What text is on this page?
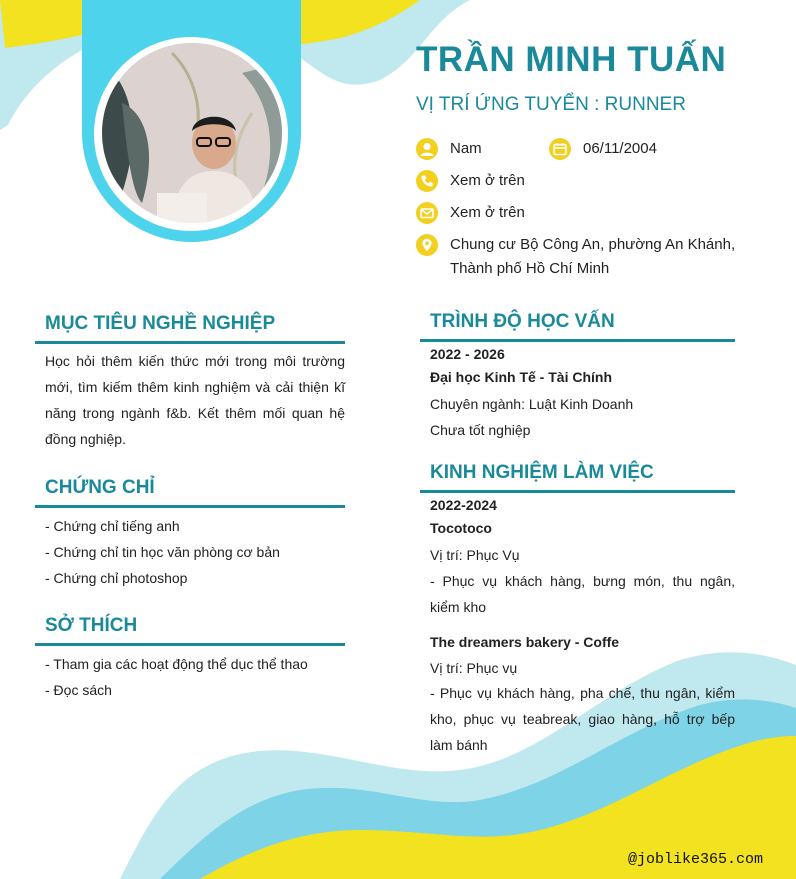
TRẦN MINH TUẤN
VỊ TRÍ ỨNG TUYỂN : RUNNER
Nam	06/11/2004
Xem ở trên
Xem ở trên
Chung cư Bộ Công An, phường An Khánh,
Thành phố Hồ Chí Minh
MỤC TIÊU NGHỀ NGHIỆP
Học hỏi thêm kiến thức mới trong môi trường mới, tìm kiếm thêm kinh nghiệm và cải thiện kĩ năng trong ngành f&b. Kết thêm mối quan hệ đồng nghiệp.
CHỨNG CHỈ
- Chứng chỉ tiếng anh
- Chứng chỉ tin học văn phòng cơ bản
- Chứng chỉ photoshop
SỞ THÍCH
- Tham gia các hoạt động thể dục thể thao
- Đọc sách
TRÌNH ĐỘ HỌC VẤN
2022 - 2026
Đại học Kinh Tế - Tài Chính
Chuyên ngành: Luật Kinh Doanh
Chưa tốt nghiệp
KINH NGHIỆM LÀM VIỆC
2022-2024
Tocotoco
Vị trí: Phục Vụ
- Phục vụ khách hàng, bưng món, thu ngân, kiểm kho
The dreamers bakery - Coffe
Vị trí: Phục vụ
- Phục vụ khách hàng, pha chế, thu ngân, kiểm kho, phục vụ teabreak, giao hàng, hỗ trợ bếp làm bánh
@joblike365.com
